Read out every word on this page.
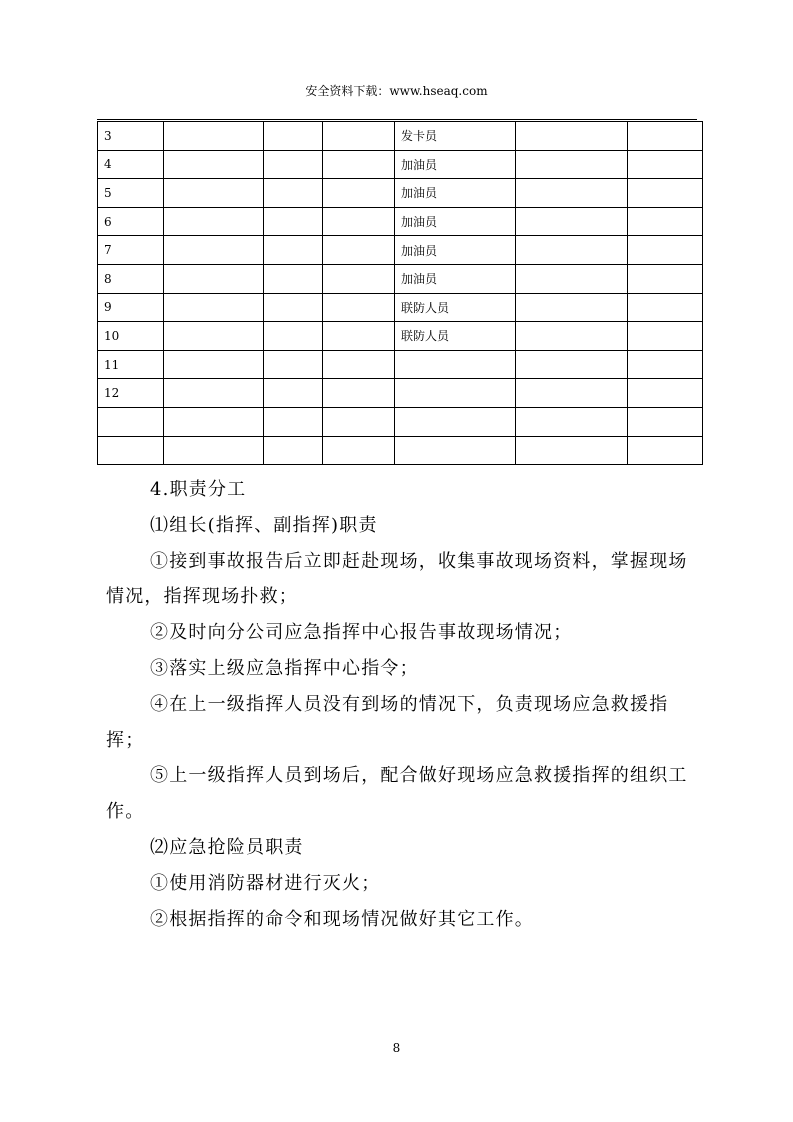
安全资料下载：www.hseaq.com
3				发卡员		
4				加油员		
5				加油员		
6				加油员		
7				加油员		
8				加油员		
9				联防人员		
10				联防人员		
11						
12						

4.职责分工

⑴组长(指挥、副指挥)职责

①接到事故报告后立即赶赴现场，收集事故现场资料，掌握现场情况，指挥现场扑救；

②及时向分公司应急指挥中心报告事故现场情况；

③落实上级应急指挥中心指令；

④在上一级指挥人员没有到场的情况下，负责现场应急救援指挥；

⑤上一级指挥人员到场后，配合做好现场应急救援指挥的组织工作。

⑵应急抢险员职责

①使用消防器材进行灭火；

②根据指挥的命令和现场情况做好其它工作。

8
